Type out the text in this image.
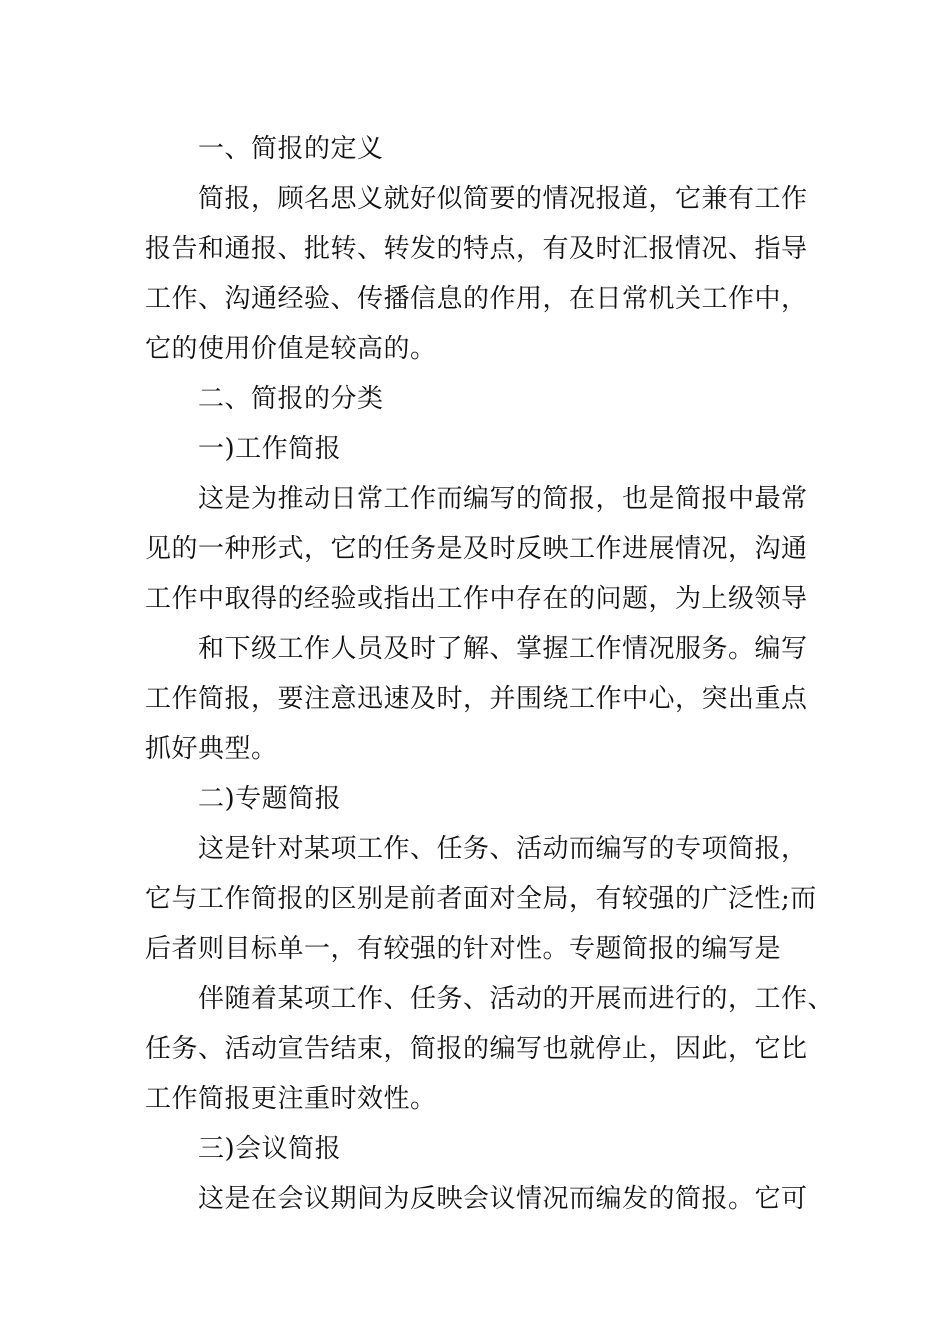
一、简报的定义
简报，顾名思义就好似简要的情况报道，它兼有工作
报告和通报、批转、转发的特点，有及时汇报情况、指导
工作、沟通经验、传播信息的作用，在日常机关工作中，
它的使用价值是较高的。
二、简报的分类
一)工作简报
这是为推动日常工作而编写的简报，也是简报中最常
见的一种形式，它的任务是及时反映工作进展情况，沟通
工作中取得的经验或指出工作中存在的问题，为上级领导
和下级工作人员及时了解、掌握工作情况服务。编写
工作简报，要注意迅速及时，并围绕工作中心，突出重点
抓好典型。
二)专题简报
这是针对某项工作、任务、活动而编写的专项简报，
它与工作简报的区别是前者面对全局，有较强的广泛性;而
后者则目标单一，有较强的针对性。专题简报的编写是
伴随着某项工作、任务、活动的开展而进行的，工作、
任务、活动宣告结束，简报的编写也就停止，因此，它比
工作简报更注重时效性。
三)会议简报
这是在会议期间为反映会议情况而编发的简报。它可
